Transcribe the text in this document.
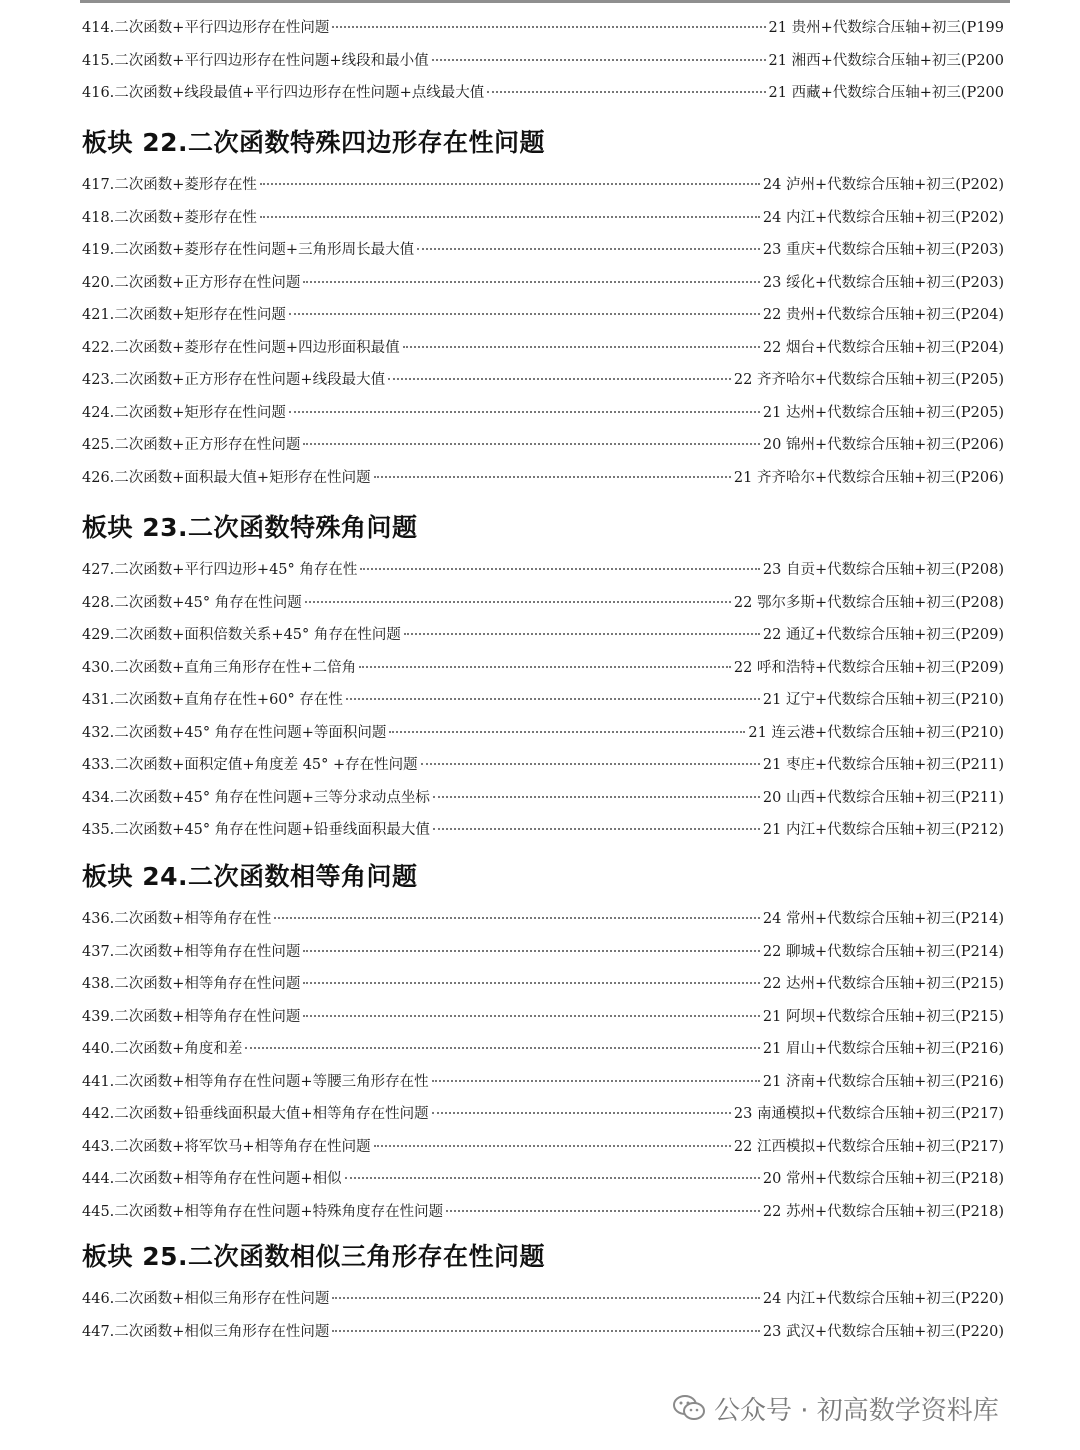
414.二次函数+平行四边形存在性问题	21 贵州+代数综合压轴+初三(P199
415.二次函数+平行四边形存在性问题+线段和最小值	21 湘西+代数综合压轴+初三(P200
416.二次函数+线段最值+平行四边形存在性问题+点线最大值	21 西藏+代数综合压轴+初三(P200
板块 22.二次函数特殊四边形存在性问题
417.二次函数+菱形存在性	24 泸州+代数综合压轴+初三(P202)
418.二次函数+菱形存在性	24 内江+代数综合压轴+初三(P202)
419.二次函数+菱形存在性问题+三角形周长最大值	23 重庆+代数综合压轴+初三(P203)
420.二次函数+正方形存在性问题	23 绥化+代数综合压轴+初三(P203)
421.二次函数+矩形存在性问题	22 贵州+代数综合压轴+初三(P204)
422.二次函数+菱形存在性问题+四边形面积最值	22 烟台+代数综合压轴+初三(P204)
423.二次函数+正方形存在性问题+线段最大值	22 齐齐哈尔+代数综合压轴+初三(P205)
424.二次函数+矩形存在性问题	21 达州+代数综合压轴+初三(P205)
425.二次函数+正方形存在性问题	20 锦州+代数综合压轴+初三(P206)
426.二次函数+面积最大值+矩形存在性问题	21 齐齐哈尔+代数综合压轴+初三(P206)
板块 23.二次函数特殊角问题
427.二次函数+平行四边形+45° 角存在性	23 自贡+代数综合压轴+初三(P208)
428.二次函数+45° 角存在性问题	22 鄂尔多斯+代数综合压轴+初三(P208)
429.二次函数+面积倍数关系+45° 角存在性问题	22 通辽+代数综合压轴+初三(P209)
430.二次函数+直角三角形存在性+二倍角	22 呼和浩特+代数综合压轴+初三(P209)
431.二次函数+直角存在性+60° 存在性	21 辽宁+代数综合压轴+初三(P210)
432.二次函数+45° 角存在性问题+等面积问题	21 连云港+代数综合压轴+初三(P210)
433.二次函数+面积定值+角度差 45° +存在性问题	21 枣庄+代数综合压轴+初三(P211)
434.二次函数+45° 角存在性问题+三等分求动点坐标	20 山西+代数综合压轴+初三(P211)
435.二次函数+45° 角存在性问题+铅垂线面积最大值	21 内江+代数综合压轴+初三(P212)
板块 24.二次函数相等角问题
436.二次函数+相等角存在性	24 常州+代数综合压轴+初三(P214)
437.二次函数+相等角存在性问题	22 聊城+代数综合压轴+初三(P214)
438.二次函数+相等角存在性问题	22 达州+代数综合压轴+初三(P215)
439.二次函数+相等角存在性问题	21 阿坝+代数综合压轴+初三(P215)
440.二次函数+角度和差	21 眉山+代数综合压轴+初三(P216)
441.二次函数+相等角存在性问题+等腰三角形存在性	21 济南+代数综合压轴+初三(P216)
442.二次函数+铅垂线面积最大值+相等角存在性问题	23 南通模拟+代数综合压轴+初三(P217)
443.二次函数+将军饮马+相等角存在性问题	22 江西模拟+代数综合压轴+初三(P217)
444.二次函数+相等角存在性问题+相似	20 常州+代数综合压轴+初三(P218)
445.二次函数+相等角存在性问题+特殊角度存在性问题	22 苏州+代数综合压轴+初三(P218)
板块 25.二次函数相似三角形存在性问题
446.二次函数+相似三角形存在性问题	24 内江+代数综合压轴+初三(P220)
447.二次函数+相似三角形存在性问题	23 武汉+代数综合压轴+初三(P220)
公众号 · 初高数学资料库
